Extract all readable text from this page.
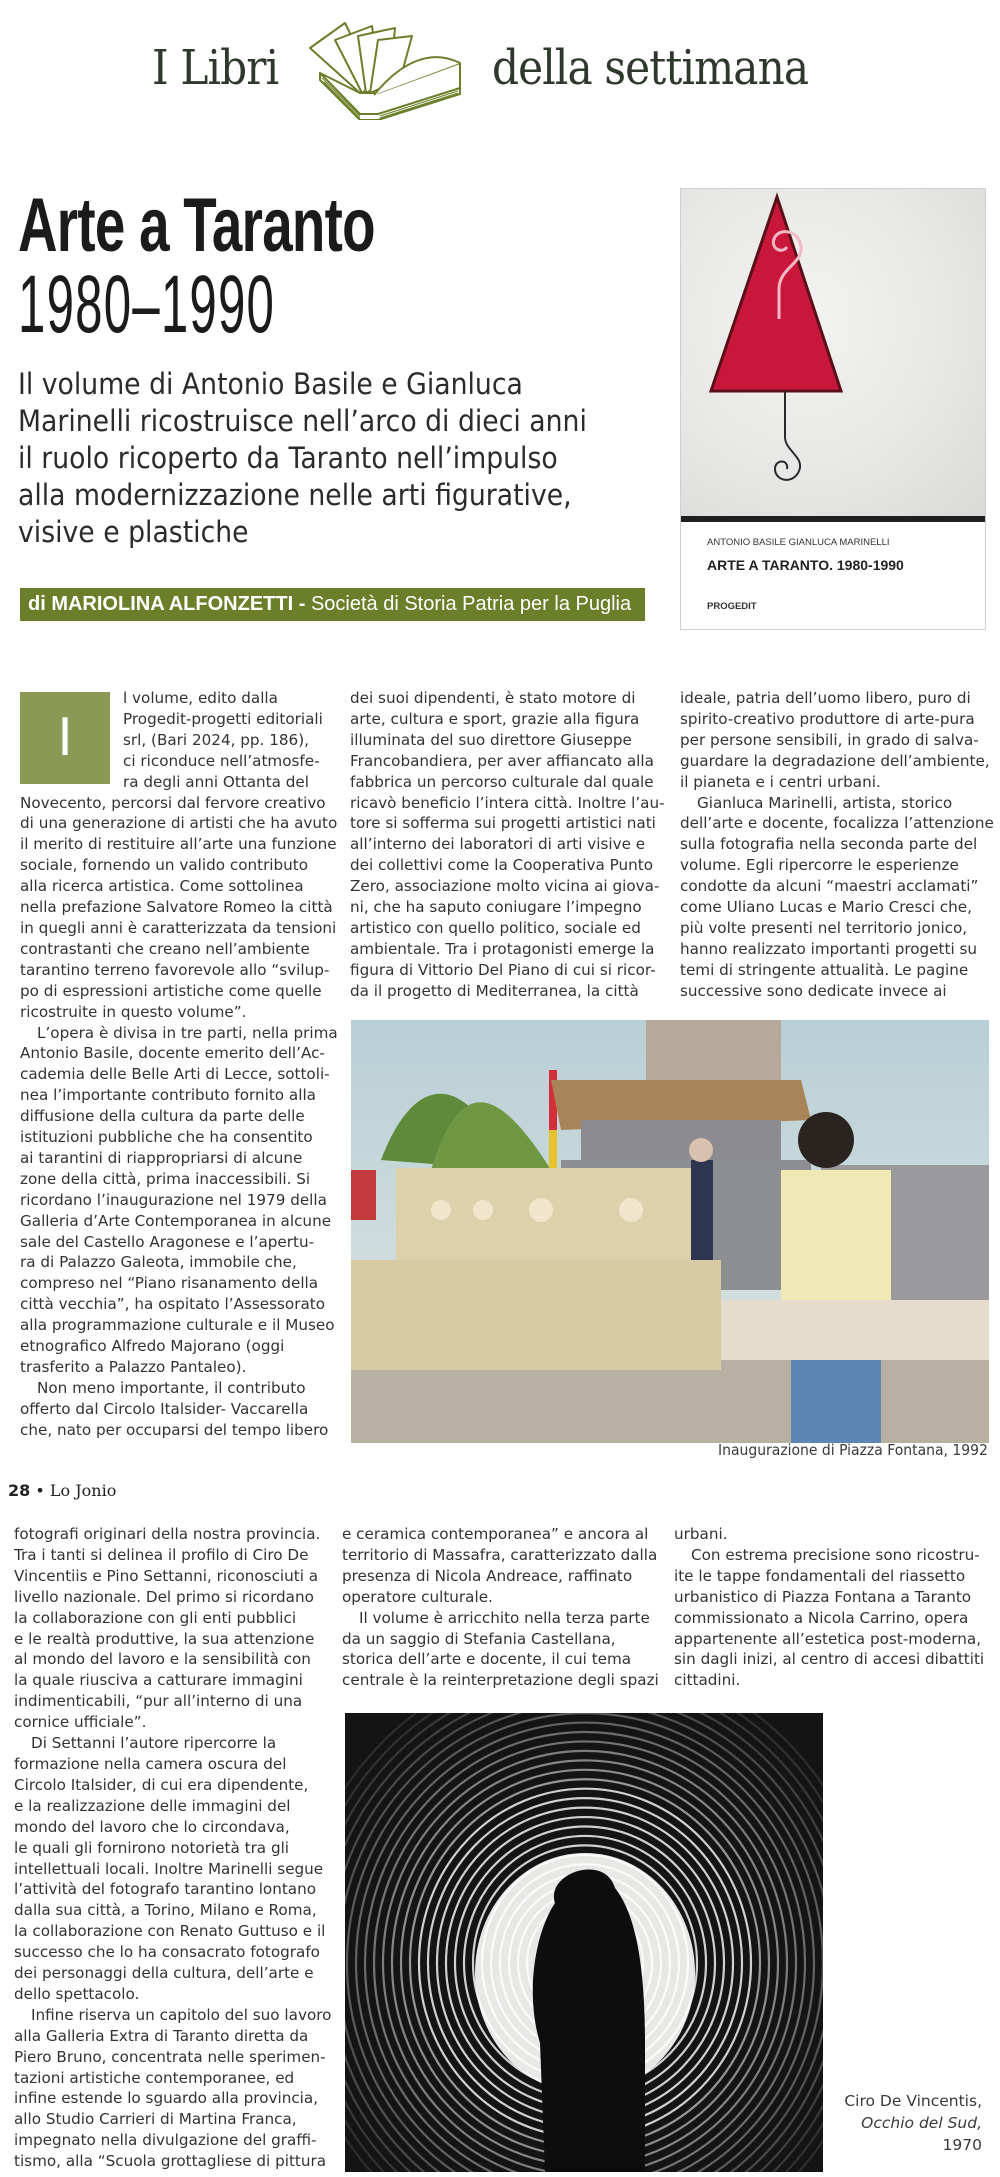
I Libri	della settimana
Arte a Taranto
1980–1990
Il volume di Antonio Basile e Gianluca
Marinelli ricostruisce nell’arco di dieci anni
il ruolo ricoperto da Taranto nell’impulso
alla modernizzazione nelle arti figurative,
visive e plastiche
di MARIOLINA ALFONZETTI - Società di Storia Patria per la Puglia
ANTONIO BASILE GIANLUCA MARINELLI
ARTE A TARANTO. 1980-1990
PROGEDIT
I
l volume, edito dalla
Progedit-progetti editoriali
srl, (Bari 2024, pp. 186),
ci riconduce nell’atmosfe-
ra degli anni Ottanta del
Novecento, percorsi dal fervore creativo
di una generazione di artisti che ha avuto
il merito di restituire all’arte una funzione
sociale, fornendo un valido contributo
alla ricerca artistica. Come sottolinea
nella prefazione Salvatore Romeo la città
in quegli anni è caratterizzata da tensioni
contrastanti che creano nell’ambiente
tarantino terreno favorevole allo “svilup-
po di espressioni artistiche come quelle
ricostruite in questo volume”.
L’opera è divisa in tre parti, nella prima
Antonio Basile, docente emerito dell’Ac-
cademia delle Belle Arti di Lecce, sottoli-
nea l’importante contributo fornito alla
diffusione della cultura da parte delle
istituzioni pubbliche che ha consentito
ai tarantini di riappropriarsi di alcune
zone della città, prima inaccessibili. Si
ricordano l’inaugurazione nel 1979 della
Galleria d’Arte Contemporanea in alcune
sale del Castello Aragonese e l’apertu-
ra di Palazzo Galeota, immobile che,
compreso nel “Piano risanamento della
città vecchia”, ha ospitato l’Assessorato
alla programmazione culturale e il Museo
etnografico Alfredo Majorano (oggi
trasferito a Palazzo Pantaleo).
Non meno importante, il contributo
offerto dal Circolo Italsider- Vaccarella
che, nato per occuparsi del tempo libero
dei suoi dipendenti, è stato motore di
arte, cultura e sport, grazie alla figura
illuminata del suo direttore Giuseppe
Francobandiera, per aver affiancato alla
fabbrica un percorso culturale dal quale
ricavò beneficio l’intera città. Inoltre l’au-
tore si sofferma sui progetti artistici nati
all’interno dei laboratori di arti visive e
dei collettivi come la Cooperativa Punto
Zero, associazione molto vicina ai giova-
ni, che ha saputo coniugare l’impegno
artistico con quello politico, sociale ed
ambientale. Tra i protagonisti emerge la
figura di Vittorio Del Piano di cui si ricor-
da il progetto di Mediterranea, la città
ideale, patria dell’uomo libero, puro di
spirito-creativo produttore di arte-pura
per persone sensibili, in grado di salva-
guardare la degradazione dell’ambiente,
il pianeta e i centri urbani.
Gianluca Marinelli, artista, storico
dell’arte e docente, focalizza l’attenzione
sulla fotografia nella seconda parte del
volume. Egli ripercorre le esperienze
condotte da alcuni “maestri acclamati”
come Uliano Lucas e Mario Cresci che,
più volte presenti nel territorio jonico,
hanno realizzato importanti progetti su
temi di stringente attualità. Le pagine
successive sono dedicate invece ai
Inaugurazione di Piazza Fontana, 1992
28 • Lo Jonio
fotografi originari della nostra provincia.
Tra i tanti si delinea il profilo di Ciro De
Vincentiis e Pino Settanni, riconosciuti a
livello nazionale. Del primo si ricordano
la collaborazione con gli enti pubblici
e le realtà produttive, la sua attenzione
al mondo del lavoro e la sensibilità con
la quale riusciva a catturare immagini
indimenticabili, “pur all’interno di una
cornice ufficiale”.
Di Settanni l’autore ripercorre la
formazione nella camera oscura del
Circolo Italsider, di cui era dipendente,
e la realizzazione delle immagini del
mondo del lavoro che lo circondava,
le quali gli fornirono notorietà tra gli
intellettuali locali. Inoltre Marinelli segue
l’attività del fotografo tarantino lontano
dalla sua città, a Torino, Milano e Roma,
la collaborazione con Renato Guttuso e il
successo che lo ha consacrato fotografo
dei personaggi della cultura, dell’arte e
dello spettacolo.
Infine riserva un capitolo del suo lavoro
alla Galleria Extra di Taranto diretta da
Piero Bruno, concentrata nelle sperimen-
tazioni artistiche contemporanee, ed
infine estende lo sguardo alla provincia,
allo Studio Carrieri di Martina Franca,
impegnato nella divulgazione del graffi-
tismo, alla “Scuola grottagliese di pittura
e ceramica contemporanea” e ancora al
territorio di Massafra, caratterizzato dalla
presenza di Nicola Andreace, raffinato
operatore culturale.
Il volume è arricchito nella terza parte
da un saggio di Stefania Castellana,
storica dell’arte e docente, il cui tema
centrale è la reinterpretazione degli spazi
urbani.
Con estrema precisione sono ricostru-
ite le tappe fondamentali del riassetto
urbanistico di Piazza Fontana a Taranto
commissionato a Nicola Carrino, opera
appartenente all’estetica post-moderna,
sin dagli inizi, al centro di accesi dibattiti
cittadini.
Ciro De Vincentis,
Occhio del Sud,
1970
